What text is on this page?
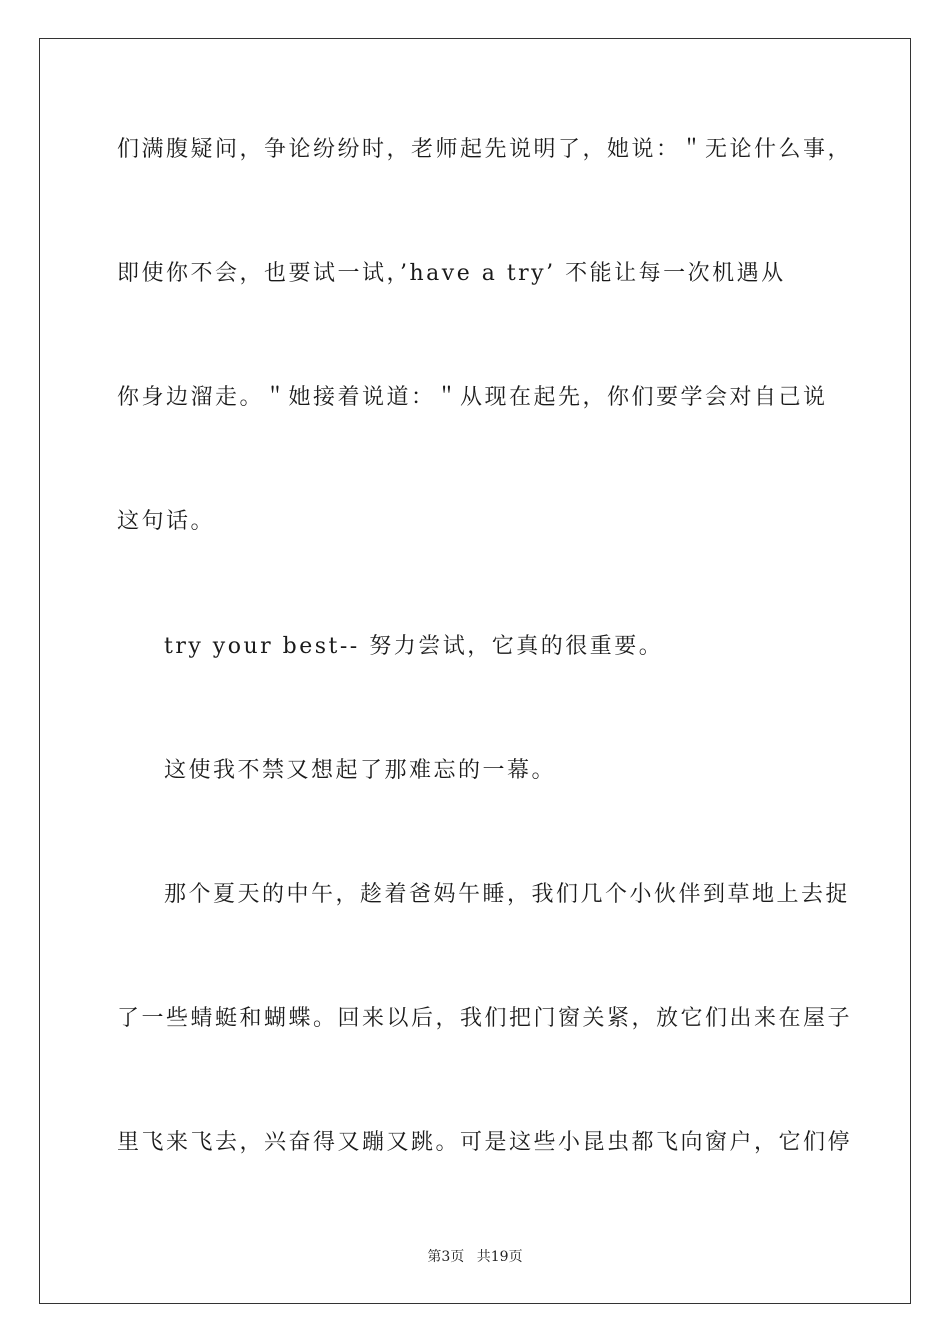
们满腹疑问，争论纷纷时，老师起先说明了，她说：＂无论什么事，

即使你不会，也要试一试，’have a try’ 不能让每一次机遇从

你身边溜走。＂她接着说道：＂从现在起先，你们要学会对自己说

这句话。

try your best-- 努力尝试，它真的很重要。

这使我不禁又想起了那难忘的一幕。

那个夏天的中午，趁着爸妈午睡，我们几个小伙伴到草地上去捉

了一些蜻蜓和蝴蝶。回来以后，我们把门窗关紧，放它们出来在屋子

里飞来飞去，兴奋得又蹦又跳。可是这些小昆虫都飞向窗户，它们停

第3页 共19页
